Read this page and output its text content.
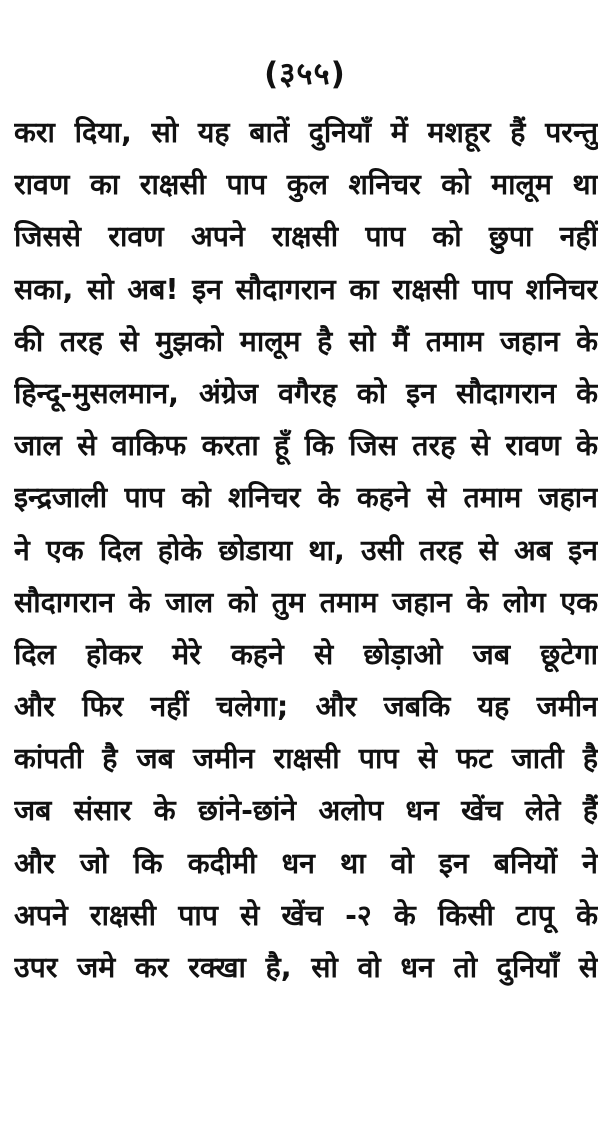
(३५५)
करा दिया, सो यह बातें दुनियाँ में मशहूर हैं परन्तु
रावण का राक्षसी पाप कुल शनिचर को मालूम था
जिससे रावण अपने राक्षसी पाप को छुपा नहीं
सका, सो अब! इन सौदागरान का राक्षसी पाप शनिचर
की तरह से मुझको मालूम है सो मैं तमाम जहान के
हिन्दू-मुसलमान, अंग्रेज वगैरह को इन सौदागरान के
जाल से वाकिफ करता हूँ कि जिस तरह से रावण के
इन्द्रजाली पाप को शनिचर के कहने से तमाम जहान
ने एक दिल होके छोडाया था, उसी तरह से अब इन
सौदागरान के जाल को तुम तमाम जहान के लोग एक
दिल होकर मेरे कहने से छोड़ाओ जब छूटेगा
और फिर नहीं चलेगा; और जबकि यह जमीन
कांपती है जब जमीन राक्षसी पाप से फट जाती है
जब संसार के छांने-छांने अलोप धन खेंच लेते हैं
और जो कि कदीमी धन था वो इन बनियों ने
अपने राक्षसी पाप से खेंच -२ के किसी टापू के
उपर जमे कर रक्खा है, सो वो धन तो दुनियाँ से
